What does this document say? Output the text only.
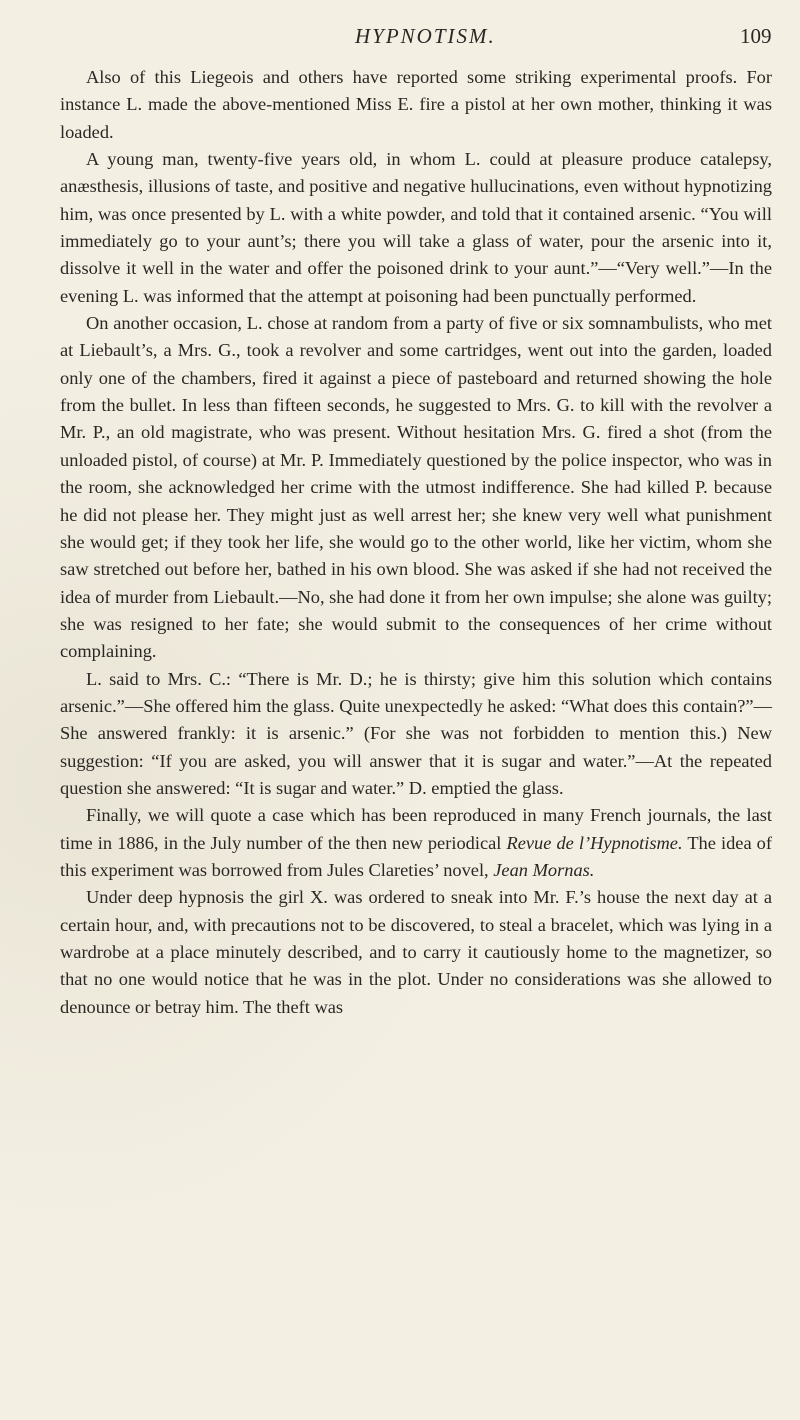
HYPNOTISM.	109

Also of this Liegeois and others have reported some striking experimental proofs. For instance L. made the above-mentioned Miss E. fire a pistol at her own mother, thinking it was loaded.

A young man, twenty-five years old, in whom L. could at pleasure produce catalepsy, anæsthesis, illusions of taste, and positive and negative hullucinations, even without hypnotizing him, was once presented by L. with a white powder, and told that it contained arsenic. “You will immediately go to your aunt’s; there you will take a glass of water, pour the arsenic into it, dissolve it well in the water and offer the poisoned drink to your aunt.”—“Very well.”—In the evening L. was informed that the attempt at poisoning had been punctually performed.

On another occasion, L. chose at random from a party of five or six somnambulists, who met at Liebault’s, a Mrs. G., took a revolver and some cartridges, went out into the garden, loaded only one of the chambers, fired it against a piece of pasteboard and returned showing the hole from the bullet. In less than fifteen seconds, he suggested to Mrs. G. to kill with the revolver a Mr. P., an old magistrate, who was present. Without hesitation Mrs. G. fired a shot (from the unloaded pistol, of course) at Mr. P. Immediately questioned by the police inspector, who was in the room, she acknowledged her crime with the utmost indifference. She had killed P. because he did not please her. They might just as well arrest her; she knew very well what punishment she would get; if they took her life, she would go to the other world, like her victim, whom she saw stretched out before her, bathed in his own blood. She was asked if she had not received the idea of murder from Liebault.—No, she had done it from her own impulse; she alone was guilty; she was resigned to her fate; she would submit to the consequences of her crime without complaining.

L. said to Mrs. C.: “There is Mr. D.; he is thirsty; give him this solution which contains arsenic.”—She offered him the glass. Quite unexpectedly he asked: “What does this contain?”—She answered frankly: it is arsenic.” (For she was not forbidden to mention this.) New suggestion: “If you are asked, you will answer that it is sugar and water.”—At the repeated question she answered: “It is sugar and water.” D. emptied the glass.

Finally, we will quote a case which has been reproduced in many French journals, the last time in 1886, in the July number of the then new periodical Revue de l’Hypnotisme. The idea of this experiment was borrowed from Jules Clareties’ novel, Jean Mornas.

Under deep hypnosis the girl X. was ordered to sneak into Mr. F.’s house the next day at a certain hour, and, with precautions not to be discovered, to steal a bracelet, which was lying in a wardrobe at a place minutely described, and to carry it cautiously home to the magnetizer, so that no one would notice that he was in the plot. Under no considerations was she allowed to denounce or betray him. The theft was
